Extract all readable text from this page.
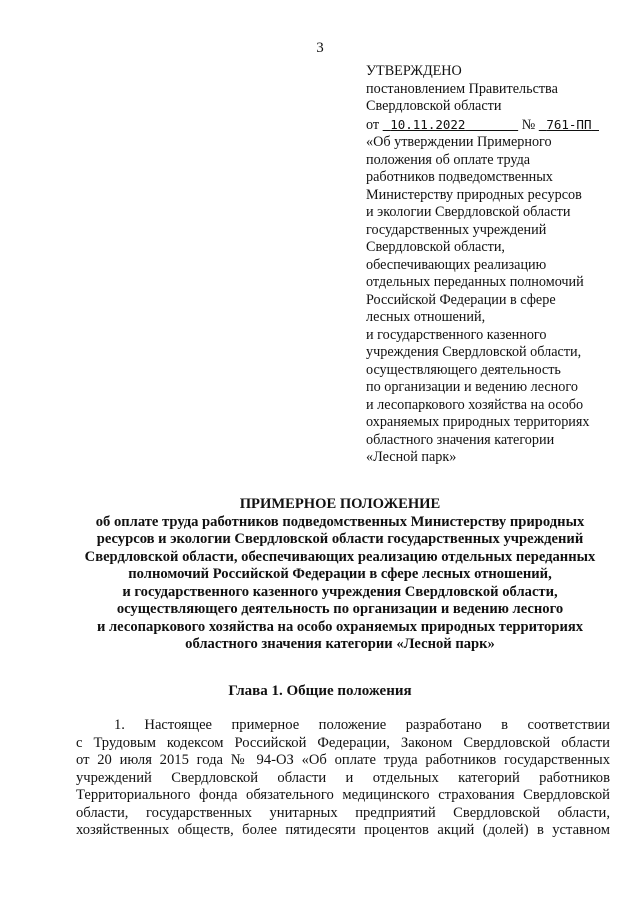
3
УТВЕРЖДЕНО
постановлением Правительства
Свердловской области
от 10.11.2022	№ 761-ПП
«Об утверждении Примерного
положения об оплате труда
работников подведомственных
Министерству природных ресурсов
и экологии Свердловской области
государственных учреждений
Свердловской области,
обеспечивающих реализацию
отдельных переданных полномочий
Российской Федерации в сфере
лесных отношений,
и государственного казенного
учреждения Свердловской области,
осуществляющего деятельность
по организации и ведению лесного
и лесопаркового хозяйства на особо
охраняемых природных территориях
областного значения категории
«Лесной парк»
ПРИМЕРНОЕ ПОЛОЖЕНИЕ
об оплате труда работников подведомственных Министерству природных
ресурсов и экологии Свердловской области государственных учреждений
Свердловской области, обеспечивающих реализацию отдельных переданных
полномочий Российской Федерации в сфере лесных отношений,
и государственного казенного учреждения Свердловской области,
осуществляющего деятельность по организации и ведению лесного
и лесопаркового хозяйства на особо охраняемых природных территориях
областного значения категории «Лесной парк»
Глава 1. Общие положения
1. Настоящее примерное положение разработано в соответствии
с Трудовым кодексом Российской Федерации, Законом Свердловской области
от 20 июля 2015 года № 94-ОЗ «Об оплате труда работников государственных
учреждений Свердловской области и отдельных категорий работников
Территориального фонда обязательного медицинского страхования Свердловской
области, государственных унитарных предприятий Свердловской области,
хозяйственных обществ, более пятидесяти процентов акций (долей) в уставном
